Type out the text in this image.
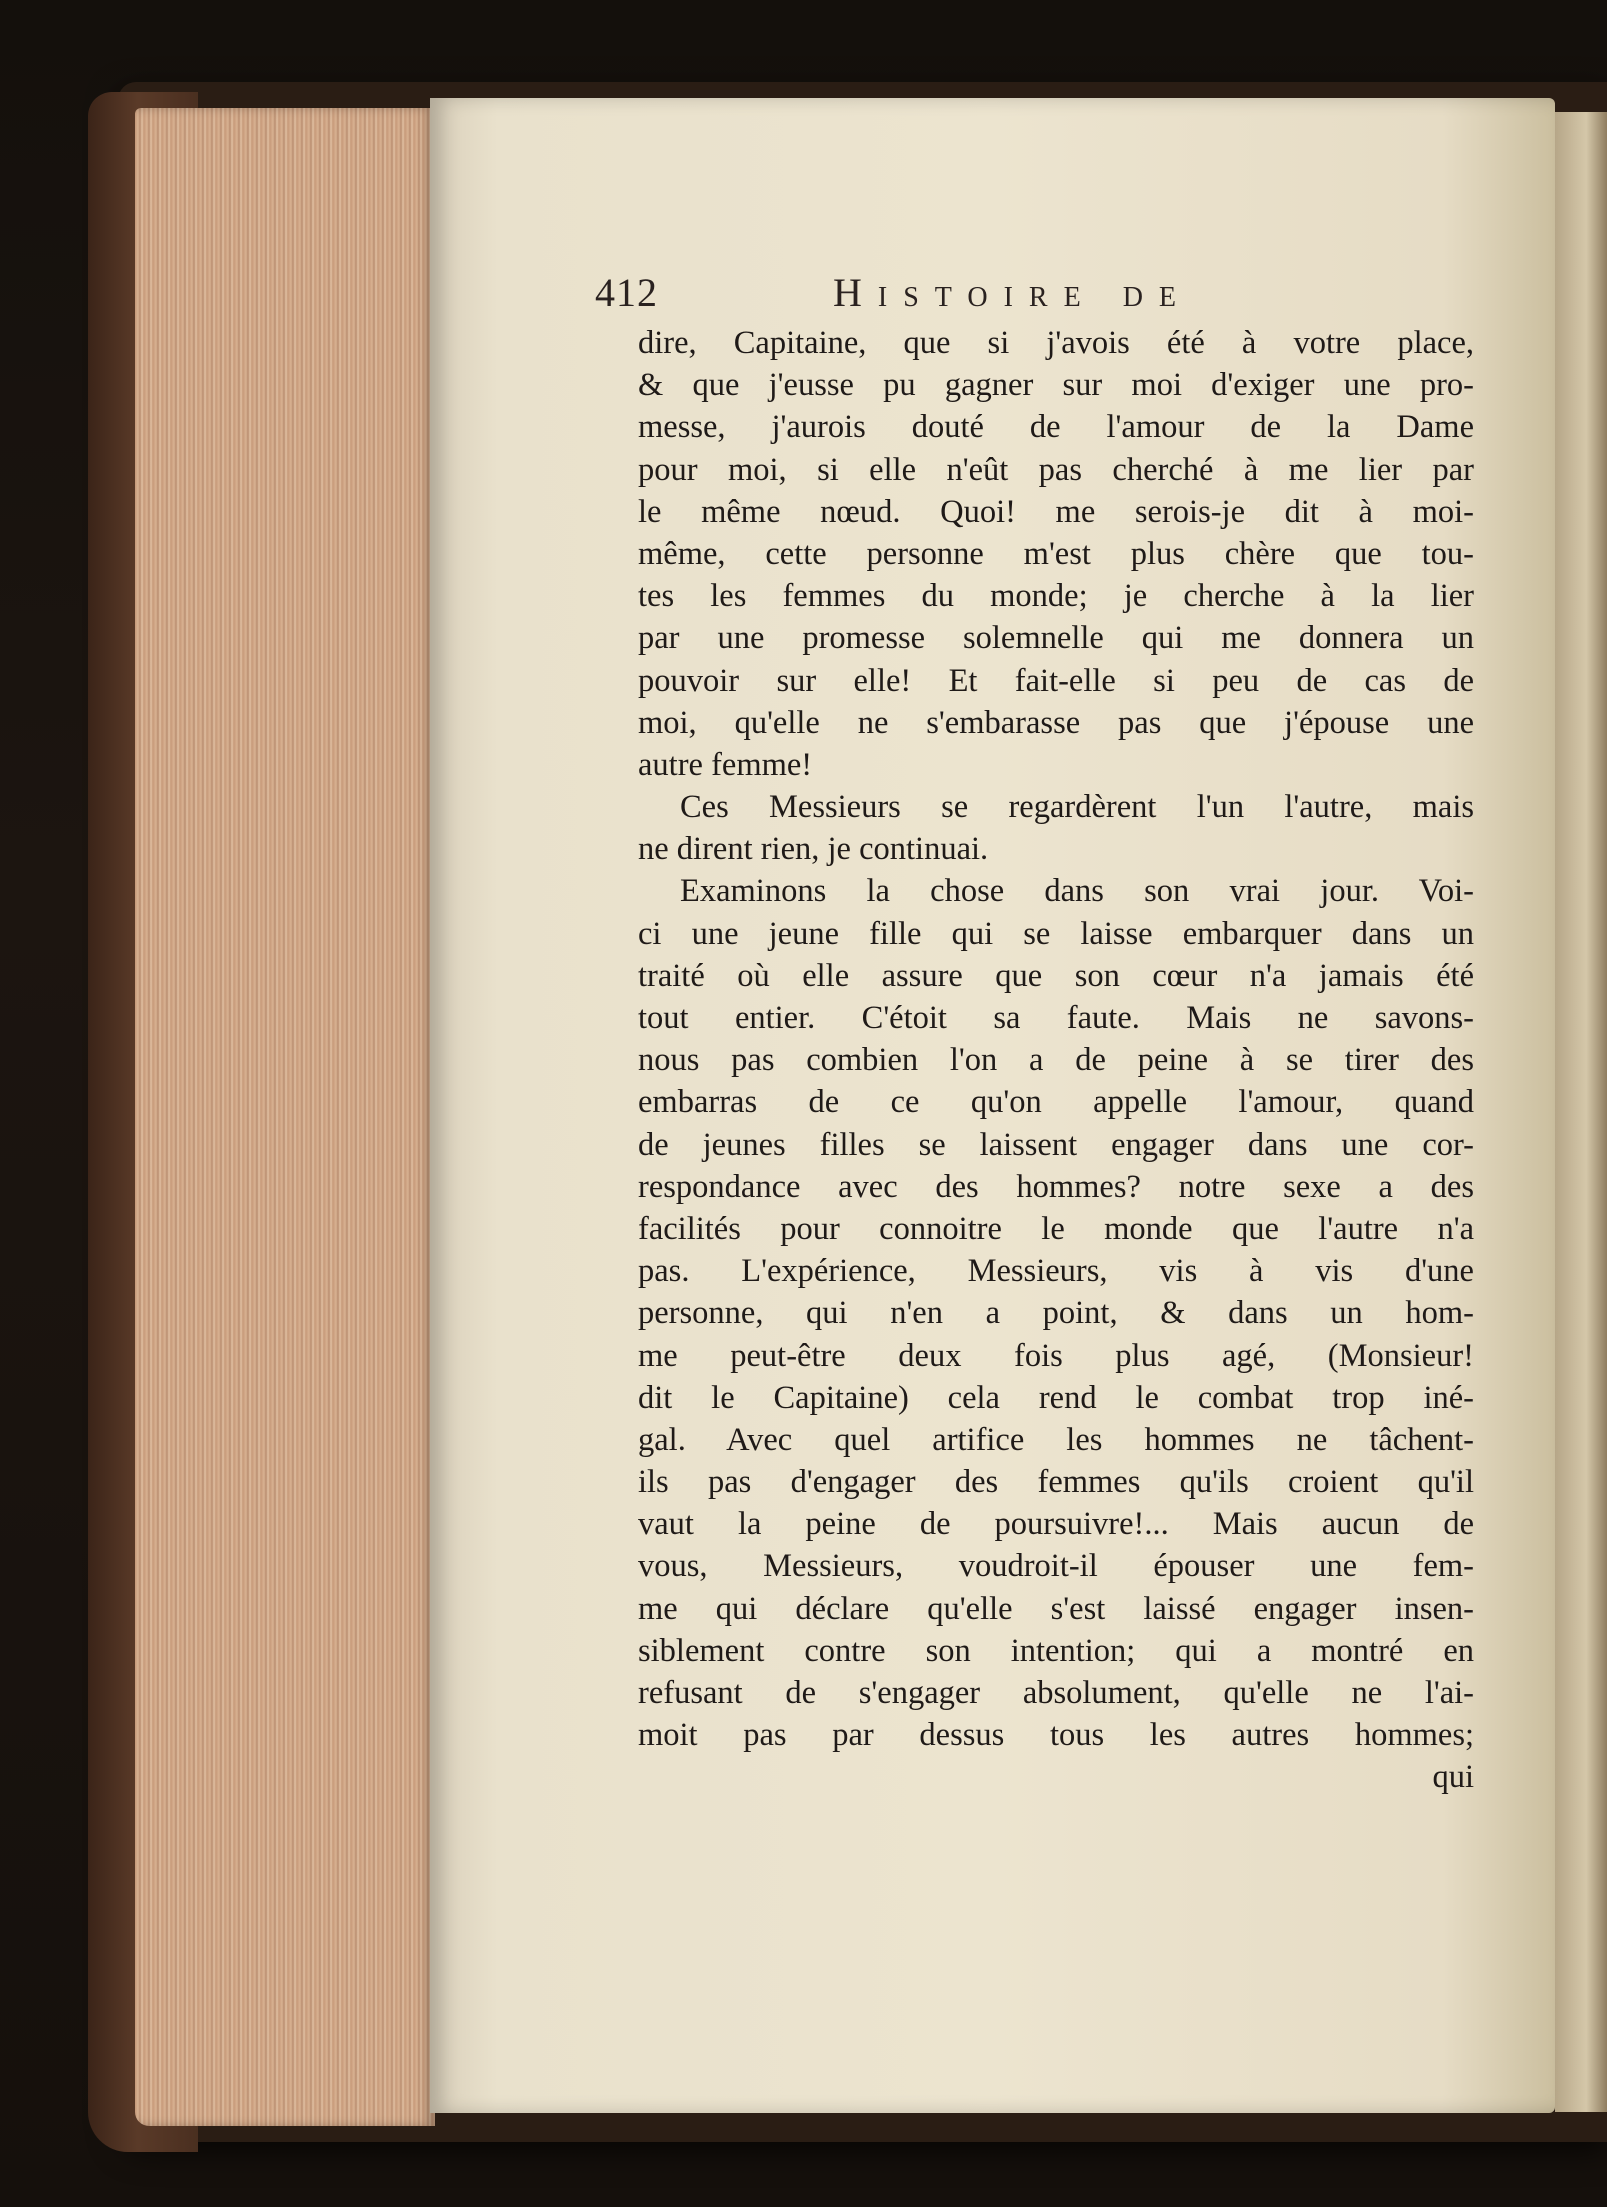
412	Histoire de
dire, Capitaine, que si j'avois été à votre place,
& que j'eusse pu gagner sur moi d'exiger une pro-
messe, j'aurois douté de l'amour de la Dame
pour moi, si elle n'eût pas cherché à me lier par
le même nœud. Quoi! me serois-je dit à moi-
même, cette personne m'est plus chère que tou-
tes les femmes du monde; je cherche à la lier
par une promesse solemnelle qui me donnera un
pouvoir sur elle! Et fait-elle si peu de cas de
moi, qu'elle ne s'embarasse pas que j'épouse une
autre femme!
Ces Messieurs se regardèrent l'un l'autre, mais
ne dirent rien, je continuai.
Examinons la chose dans son vrai jour. Voi-
ci une jeune fille qui se laisse embarquer dans un
traité où elle assure que son cœur n'a jamais été
tout entier. C'étoit sa faute. Mais ne savons-
nous pas combien l'on a de peine à se tirer des
embarras de ce qu'on appelle l'amour, quand
de jeunes filles se laissent engager dans une cor-
respondance avec des hommes? notre sexe a des
facilités pour connoitre le monde que l'autre n'a
pas. L'expérience, Messieurs, vis à vis d'une
personne, qui n'en a point, & dans un hom-
me peut-être deux fois plus agé, (Monsieur!
dit le Capitaine) cela rend le combat trop iné-
gal. Avec quel artifice les hommes ne tâchent-
ils pas d'engager des femmes qu'ils croient qu'il
vaut la peine de poursuivre!... Mais aucun de
vous, Messieurs, voudroit-il épouser une fem-
me qui déclare qu'elle s'est laissé engager insen-
siblement contre son intention; qui a montré en
refusant de s'engager absolument, qu'elle ne l'ai-
moit pas par dessus tous les autres hommes;
qui
